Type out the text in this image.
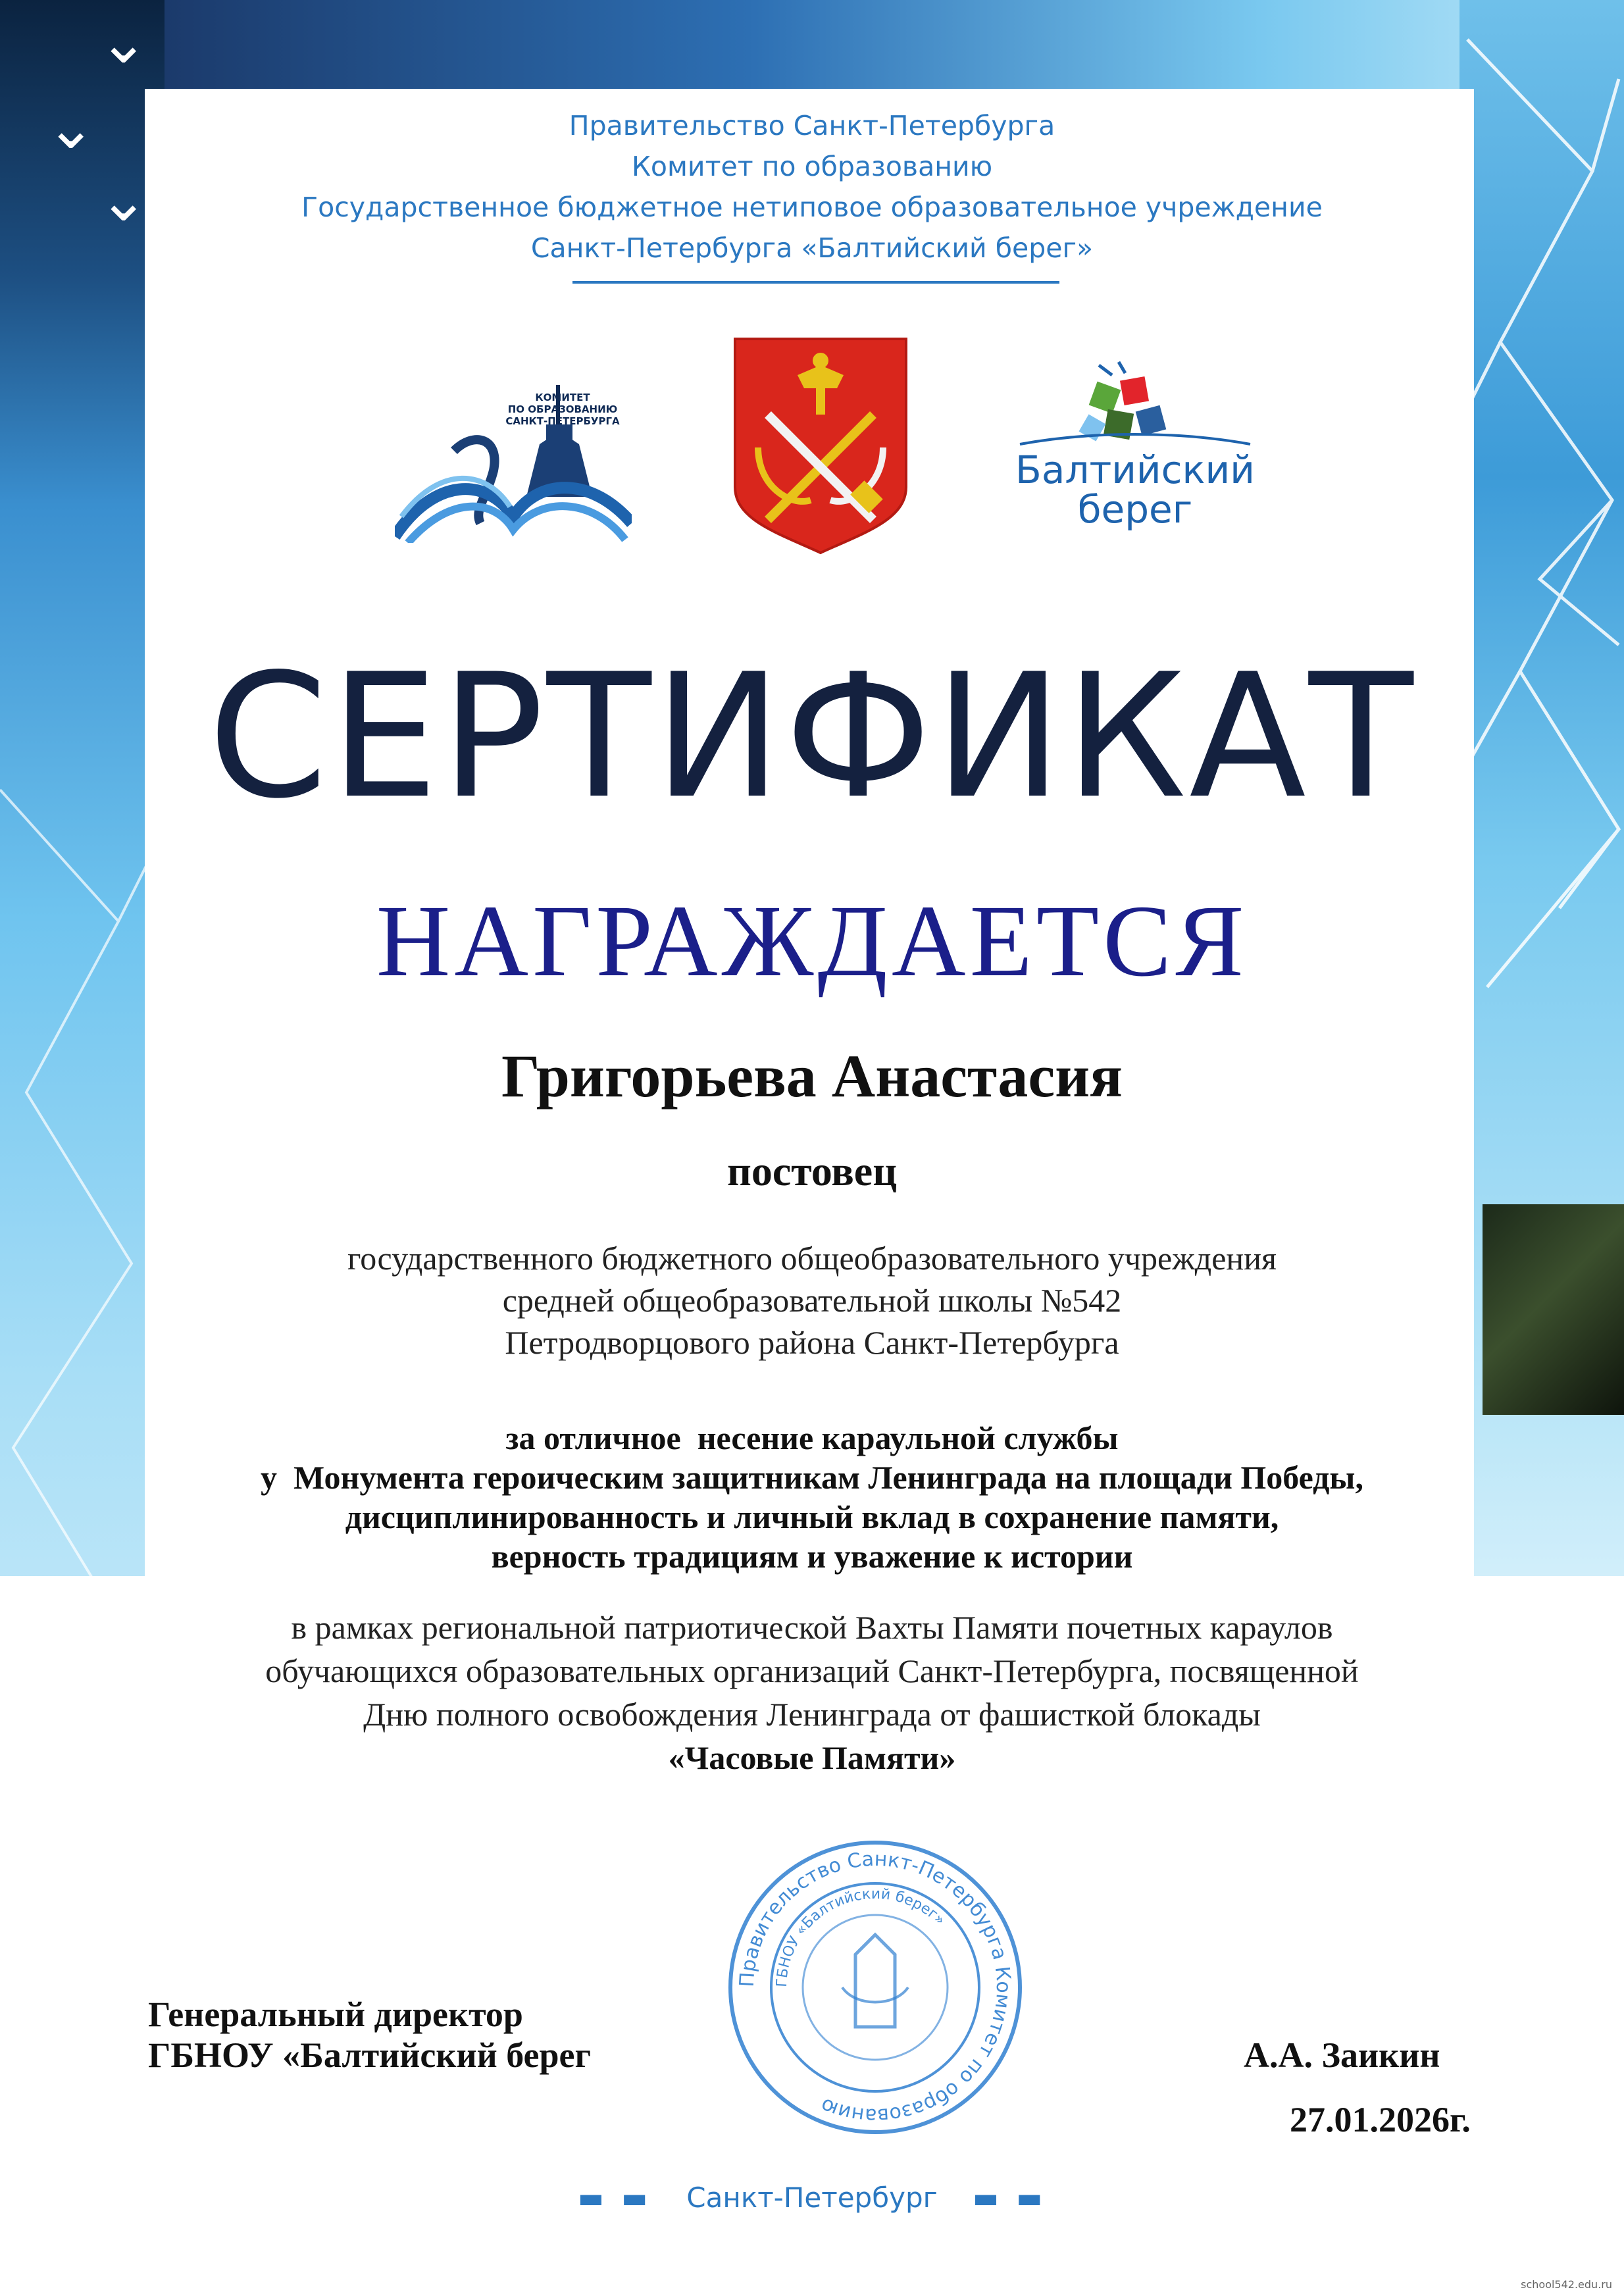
⌄
⌄
⌄
Правительство Санкт-Петербурга
Комитет по образованию
Государственное бюджетное нетиповое образовательное учреждение
Санкт-Петербурга «Балтийский берег»
КОМИТЕТ
ПО ОБРАЗОВАНИЮ
САНКТ-ПЕТЕРБУРГА
Балтийский
берег
СЕРТИФИКАТ
НАГРАЖДАЕТСЯ
Григорьева Анастасия
постовец
государственного бюджетного общеобразовательного учреждения
средней общеобразовательной школы №542
Петродворцового района Санкт-Петербурга
за отличное  несение караульной службы
у  Монумента героическим защитникам Ленинграда на площади Победы,
дисциплинированность и личный вклад в сохранение памяти,
верность традициям и уважение к истории
в рамках региональной патриотической Вахты Памяти почетных караулов
обучающихся образовательных организаций Санкт-Петербурга, посвященной
Дню полного освобождения Ленинграда от фашисткой блокады
«Часовые Памяти»
Генеральный директор
ГБНОУ «Балтийский берег
Правительство Санкт-Петербурга Комитет по образованию
ГБНОУ «Балтийский берег»
А.А. Заикин
27.01.2026г.
▬ ▬ Санкт-Петербург ▬ ▬
school542.edu.ru
